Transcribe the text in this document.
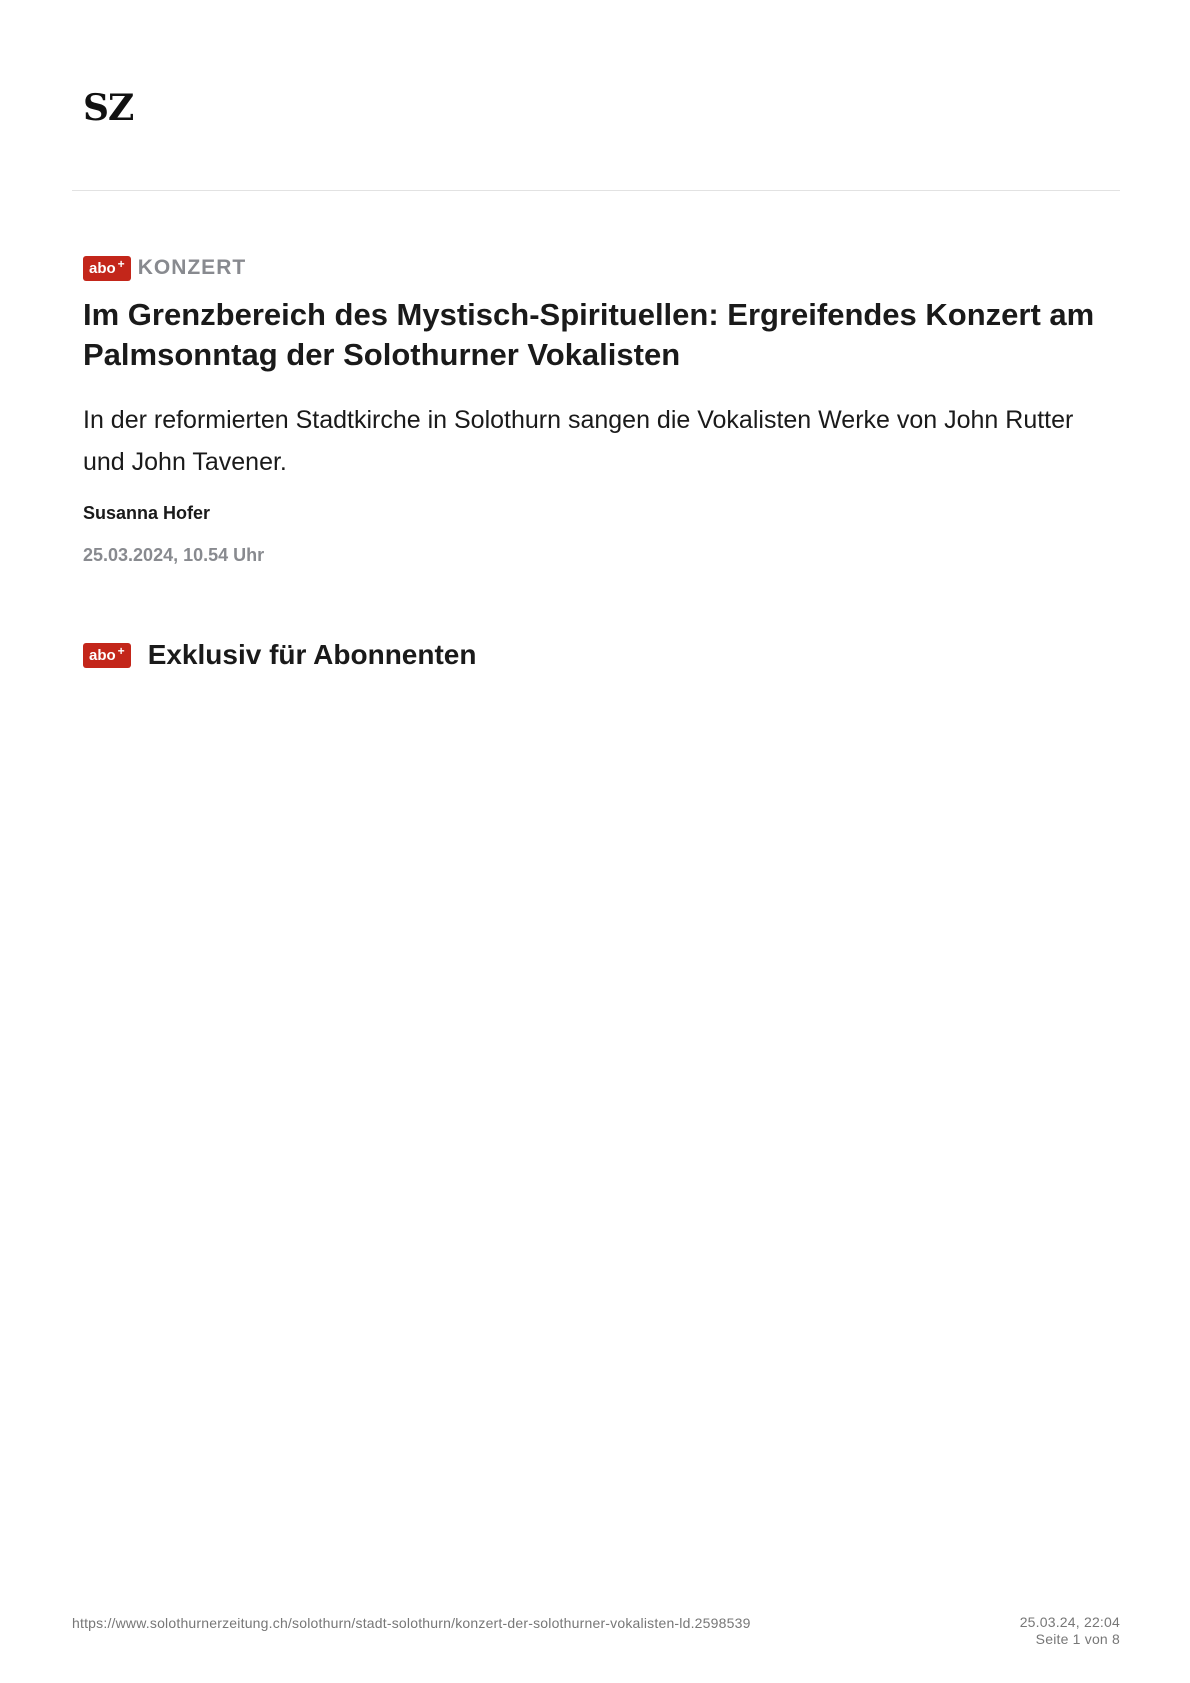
SZ
abo + KONZERT
Im Grenzbereich des Mystisch-Spirituellen: Ergreifendes Konzert am Palmsonntag der Solothurner Vokalisten

In der reformierten Stadtkirche in Solothurn sangen die Vokalisten Werke von John Rutter und John Tavener.

Susanna Hofer
25.03.2024, 10.54 Uhr
abo + Exklusiv für Abonnenten
https://www.solothurnerzeitung.ch/solothurn/stadt-solothurn/konzert-der-solothurner-vokalisten-ld.2598539	25.03.24, 22:04
Seite 1 von 8
